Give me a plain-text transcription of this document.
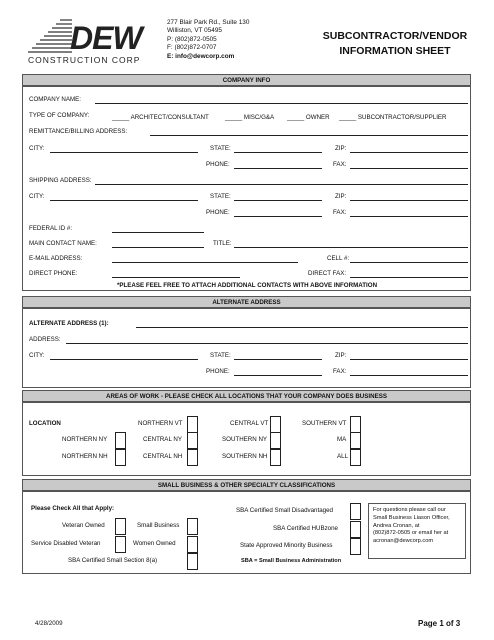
DEW
CONSTRUCTION CORP
277 Blair Park Rd., Suite 130
Williston, VT 05495
P: (802)872-0505
F: (802)872-0707
E: info@dewcorp.com
SUBCONTRACTOR/VENDOR
INFORMATION SHEET
COMPANY INFO
COMPANY NAME:
TYPE OF COMPANY:	_____ ARCHITECT/CONSULTANT	_____ MISC/G&A _____ OWNER _____ SUBCONTRACTOR/SUPPLIER
REMITTANCE/BILLING ADDRESS:
CITY:	STATE:	ZIP:
PHONE:	FAX:
SHIPPING ADDRESS:
CITY:	STATE:	ZIP:
PHONE:	FAX:
FEDERAL ID #:
MAIN CONTACT NAME:	TITLE:
E-MAIL ADDRESS:	CELL #:
DIRECT PHONE:	DIRECT FAX:
*PLEASE FEEL FREE TO ATTACH ADDITIONAL CONTACTS WITH ABOVE INFORMATION
ALTERNATE ADDRESS
ALTERNATE ADDRESS (1):
ADDRESS:
CITY:	STATE:	ZIP:
PHONE:	FAX:
AREAS OF WORK - PLEASE CHECK ALL LOCATIONS THAT YOUR COMPANY DOES BUSINESS
LOCATION	NORTHERN VT	CENTRAL VT	SOUTHERN VT
NORTHERN NY	CENTRAL NY	SOUTHERN NY	MA
NORTHERN NH	CENTRAL NH	SOUTHERN NH	ALL
SMALL BUSINESS & OTHER SPECIALTY CLASSIFICATIONS
Please Check All that Apply:
Veteran Owned	Small Business
Service Disabled Veteran	Women Owned
SBA Certified Small Section 8(a)
SBA Certified Small Disadvantaged
SBA Certified HUBzone
State Approved Minority Business
SBA = Small Business Administration
For questions please call our
Small Business Liason Officer,
Andrea Cronan, at
(802)872-0505 or email her at
acronan@dewcorp.com
4/28/2009	Page 1 of 3
